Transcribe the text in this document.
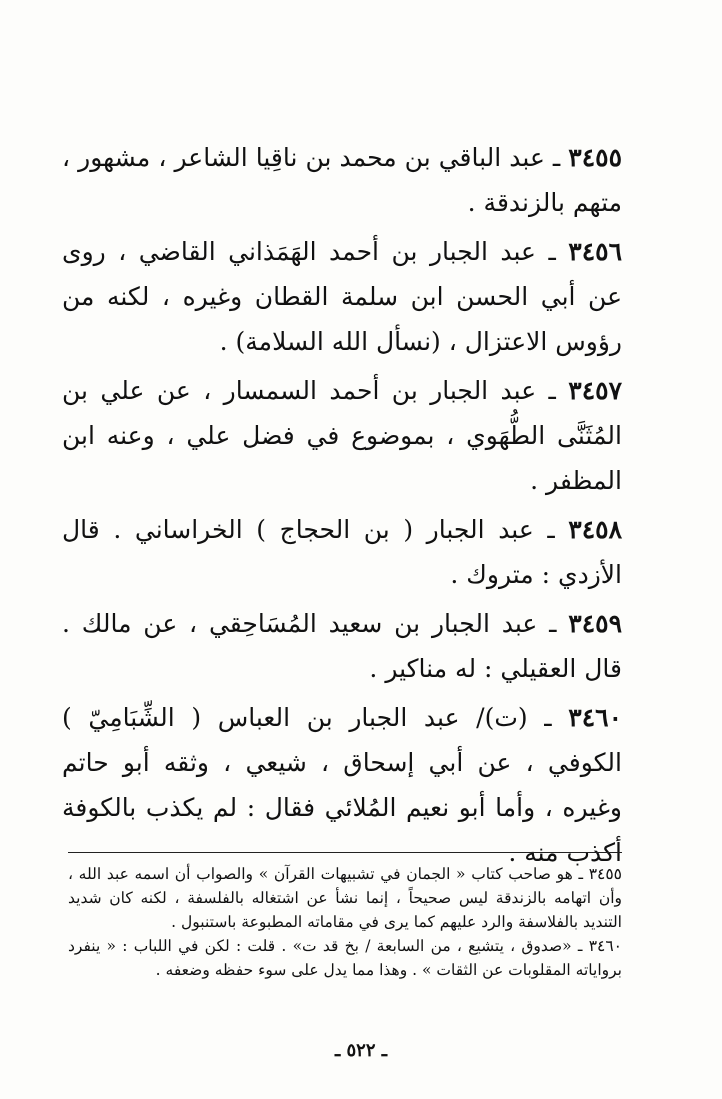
٣٤٥٥ ـ عبد الباقي بن محمد بن ناقِيا الشاعر ، مشهور ، متهم بالزندقة .

٣٤٥٦ ـ عبد الجبار بن أحمد الهَمَذاني القاضي ، روى عن أبي الحسن ابن سلمة القطان وغيره ، لكنه من رؤوس الاعتزال ، (نسأل الله السلامة) .

٣٤٥٧ ـ عبد الجبار بن أحمد السمسار ، عن علي بن المُثَنَّى الطُّهَوي ، بموضوع في فضل علي ، وعنه ابن المظفر .

٣٤٥٨ ـ عبد الجبار ( بن الحجاج ) الخراساني . قال الأزدي : متروك .

٣٤٥٩ ـ عبد الجبار بن سعيد المُسَاحِقي ، عن مالك . قال العقيلي : له مناكير .

٣٤٦٠ ـ (ت)/ عبد الجبار بن العباس ( الشِّبَامِيّ ) الكوفي ، عن أبي إسحاق ، شيعي ، وثقه أبو حاتم وغيره ، وأما أبو نعيم المُلائي فقال : لم يكذب بالكوفة أكذب منه .

٣٤٥٥ ـ هو صاحب كتاب « الجمان في تشبيهات القرآن » والصواب أن اسمه عبد الله ، وأن اتهامه بالزندقة ليس صحيحاً ، إنما نشأ عن اشتغاله بالفلسفة ، لكنه كان شديد التنديد بالفلاسفة والرد عليهم كما يرى في مقاماته المطبوعة باستنبول .

٣٤٦٠ ـ «صدوق ، يتشيع ، من السابعة / بخ قد ت» . قلت : لكن في اللباب : « ينفرد برواياته المقلوبات عن الثقات » . وهذا مما يدل على سوء حفظه وضعفه .

ـ ٥٢٢ ـ
